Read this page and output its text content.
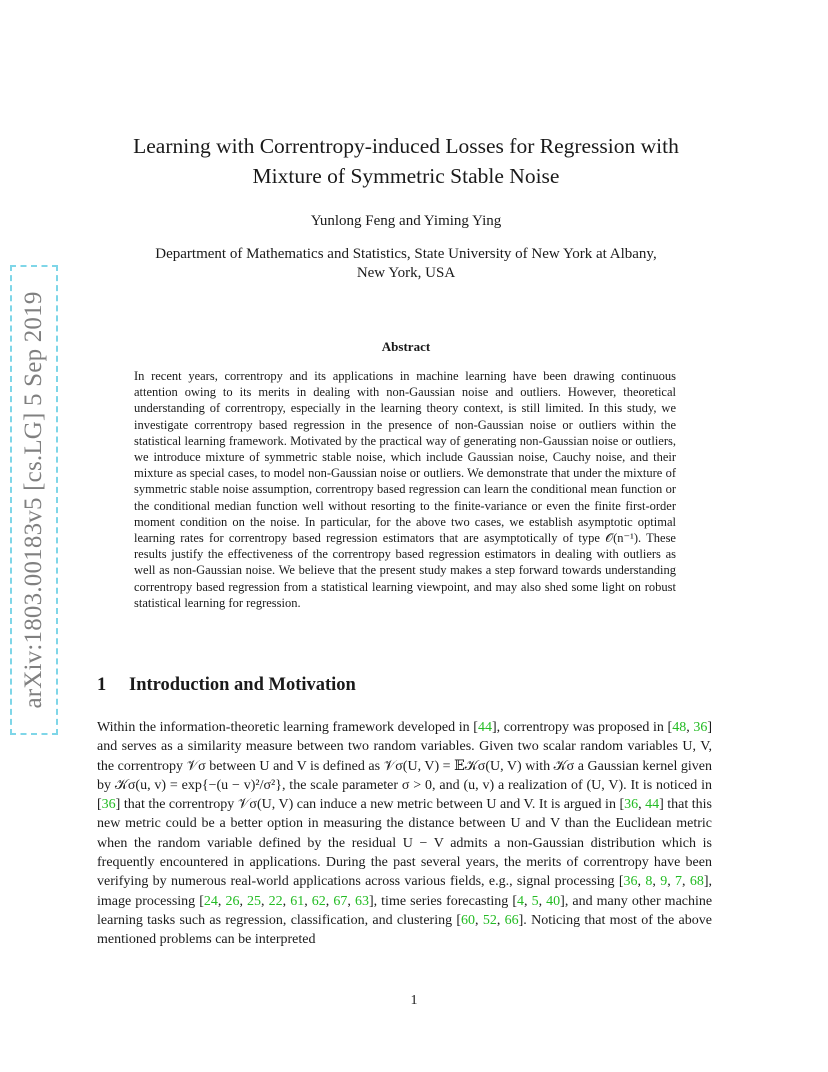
arXiv:1803.00183v5 [cs.LG] 5 Sep 2019
Learning with Correntropy-induced Losses for Regression with
Mixture of Symmetric Stable Noise
Yunlong Feng and Yiming Ying
Department of Mathematics and Statistics, State University of New York at Albany,
New York, USA
Abstract

In recent years, correntropy and its applications in machine learning have been drawing continuous attention owing to its merits in dealing with non-Gaussian noise and outliers. However, theoretical understanding of correntropy, especially in the learning theory context, is still limited. In this study, we investigate correntropy based regression in the presence of non-Gaussian noise or outliers within the statistical learning framework. Motivated by the practical way of generating non-Gaussian noise or outliers, we introduce mixture of symmetric stable noise, which include Gaussian noise, Cauchy noise, and their mixture as special cases, to model non-Gaussian noise or outliers. We demonstrate that under the mixture of symmetric stable noise assumption, correntropy based regression can learn the conditional mean function or the conditional median function well without resorting to the finite-variance or even the finite first-order moment condition on the noise. In particular, for the above two cases, we establish asymptotic optimal learning rates for correntropy based regression estimators that are asymptotically of type 𝒪(n⁻¹). These results justify the effectiveness of the correntropy based regression estimators in dealing with outliers as well as non-Gaussian noise. We believe that the present study makes a step forward towards understanding correntropy based regression from a statistical learning viewpoint, and may also shed some light on robust statistical learning for regression.

1 Introduction and Motivation

Within the information-theoretic learning framework developed in [44], correntropy was proposed in [48, 36] and serves as a similarity measure between two random variables. Given two scalar random variables U, V, the correntropy 𝒱σ between U and V is defined as 𝒱σ(U, V) = 𝔼𝒦σ(U, V) with 𝒦σ a Gaussian kernel given by 𝒦σ(u, v) = exp{−(u − v)²/σ²}, the scale parameter σ > 0, and (u, v) a realization of (U, V). It is noticed in [36] that the correntropy 𝒱σ(U, V) can induce a new metric between U and V. It is argued in [36, 44] that this new metric could be a better option in measuring the distance between U and V than the Euclidean metric when the random variable defined by the residual U − V admits a non-Gaussian distribution which is frequently encountered in applications. During the past several years, the merits of correntropy have been verifying by numerous real-world applications across various fields, e.g., signal processing [36, 8, 9, 7, 68], image processing [24, 26, 25, 22, 61, 62, 67, 63], time series forecasting [4, 5, 40], and many other machine learning tasks such as regression, classification, and clustering [60, 52, 66]. Noticing that most of the above mentioned problems can be interpreted

1
